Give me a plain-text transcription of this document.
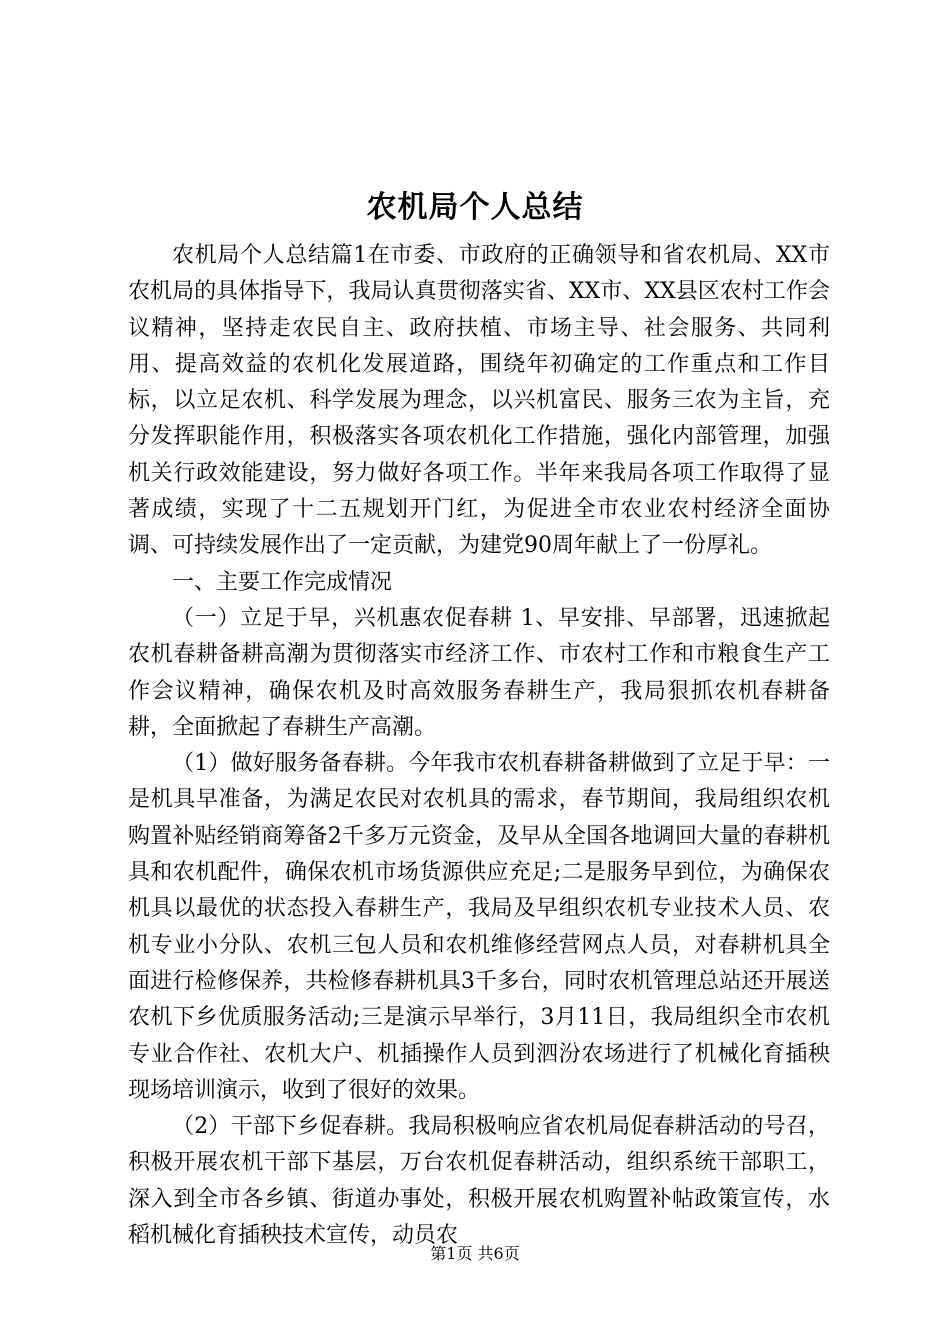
农机局个人总结

农机局个人总结篇1在市委、市政府的正确领导和省农机局、XX市农机局的具体指导下，我局认真贯彻落实省、XX市、XX县区农村工作会议精神，坚持走农民自主、政府扶植、市场主导、社会服务、共同利用、提高效益的农机化发展道路，围绕年初确定的工作重点和工作目标，以立足农机、科学发展为理念，以兴机富民、服务三农为主旨，充分发挥职能作用，积极落实各项农机化工作措施，强化内部管理，加强机关行政效能建设，努力做好各项工作。半年来我局各项工作取得了显著成绩，实现了十二五规划开门红，为促进全市农业农村经济全面协调、可持续发展作出了一定贡献，为建党90周年献上了一份厚礼。

一、主要工作完成情况

（一）立足于早，兴机惠农促春耕 1、早安排、早部署，迅速掀起农机春耕备耕高潮为贯彻落实市经济工作、市农村工作和市粮食生产工作会议精神，确保农机及时高效服务春耕生产，我局狠抓农机春耕备耕，全面掀起了春耕生产高潮。

（1）做好服务备春耕。今年我市农机春耕备耕做到了立足于早：一是机具早准备，为满足农民对农机具的需求，春节期间，我局组织农机购置补贴经销商筹备2千多万元资金，及早从全国各地调回大量的春耕机具和农机配件，确保农机市场货源供应充足;二是服务早到位，为确保农机具以最优的状态投入春耕生产，我局及早组织农机专业技术人员、农机专业小分队、农机三包人员和农机维修经营网点人员，对春耕机具全面进行检修保养，共检修春耕机具3千多台，同时农机管理总站还开展送农机下乡优质服务活动;三是演示早举行，3月11日，我局组织全市农机专业合作社、农机大户、机插操作人员到泗汾农场进行了机械化育插秧现场培训演示，收到了很好的效果。

（2）干部下乡促春耕。我局积极响应省农机局促春耕活动的号召，积极开展农机干部下基层，万台农机促春耕活动，组织系统干部职工，深入到全市各乡镇、街道办事处，积极开展农机购置补帖政策宣传，水稻机械化育插秧技术宣传，动员农

第1页 共6页
